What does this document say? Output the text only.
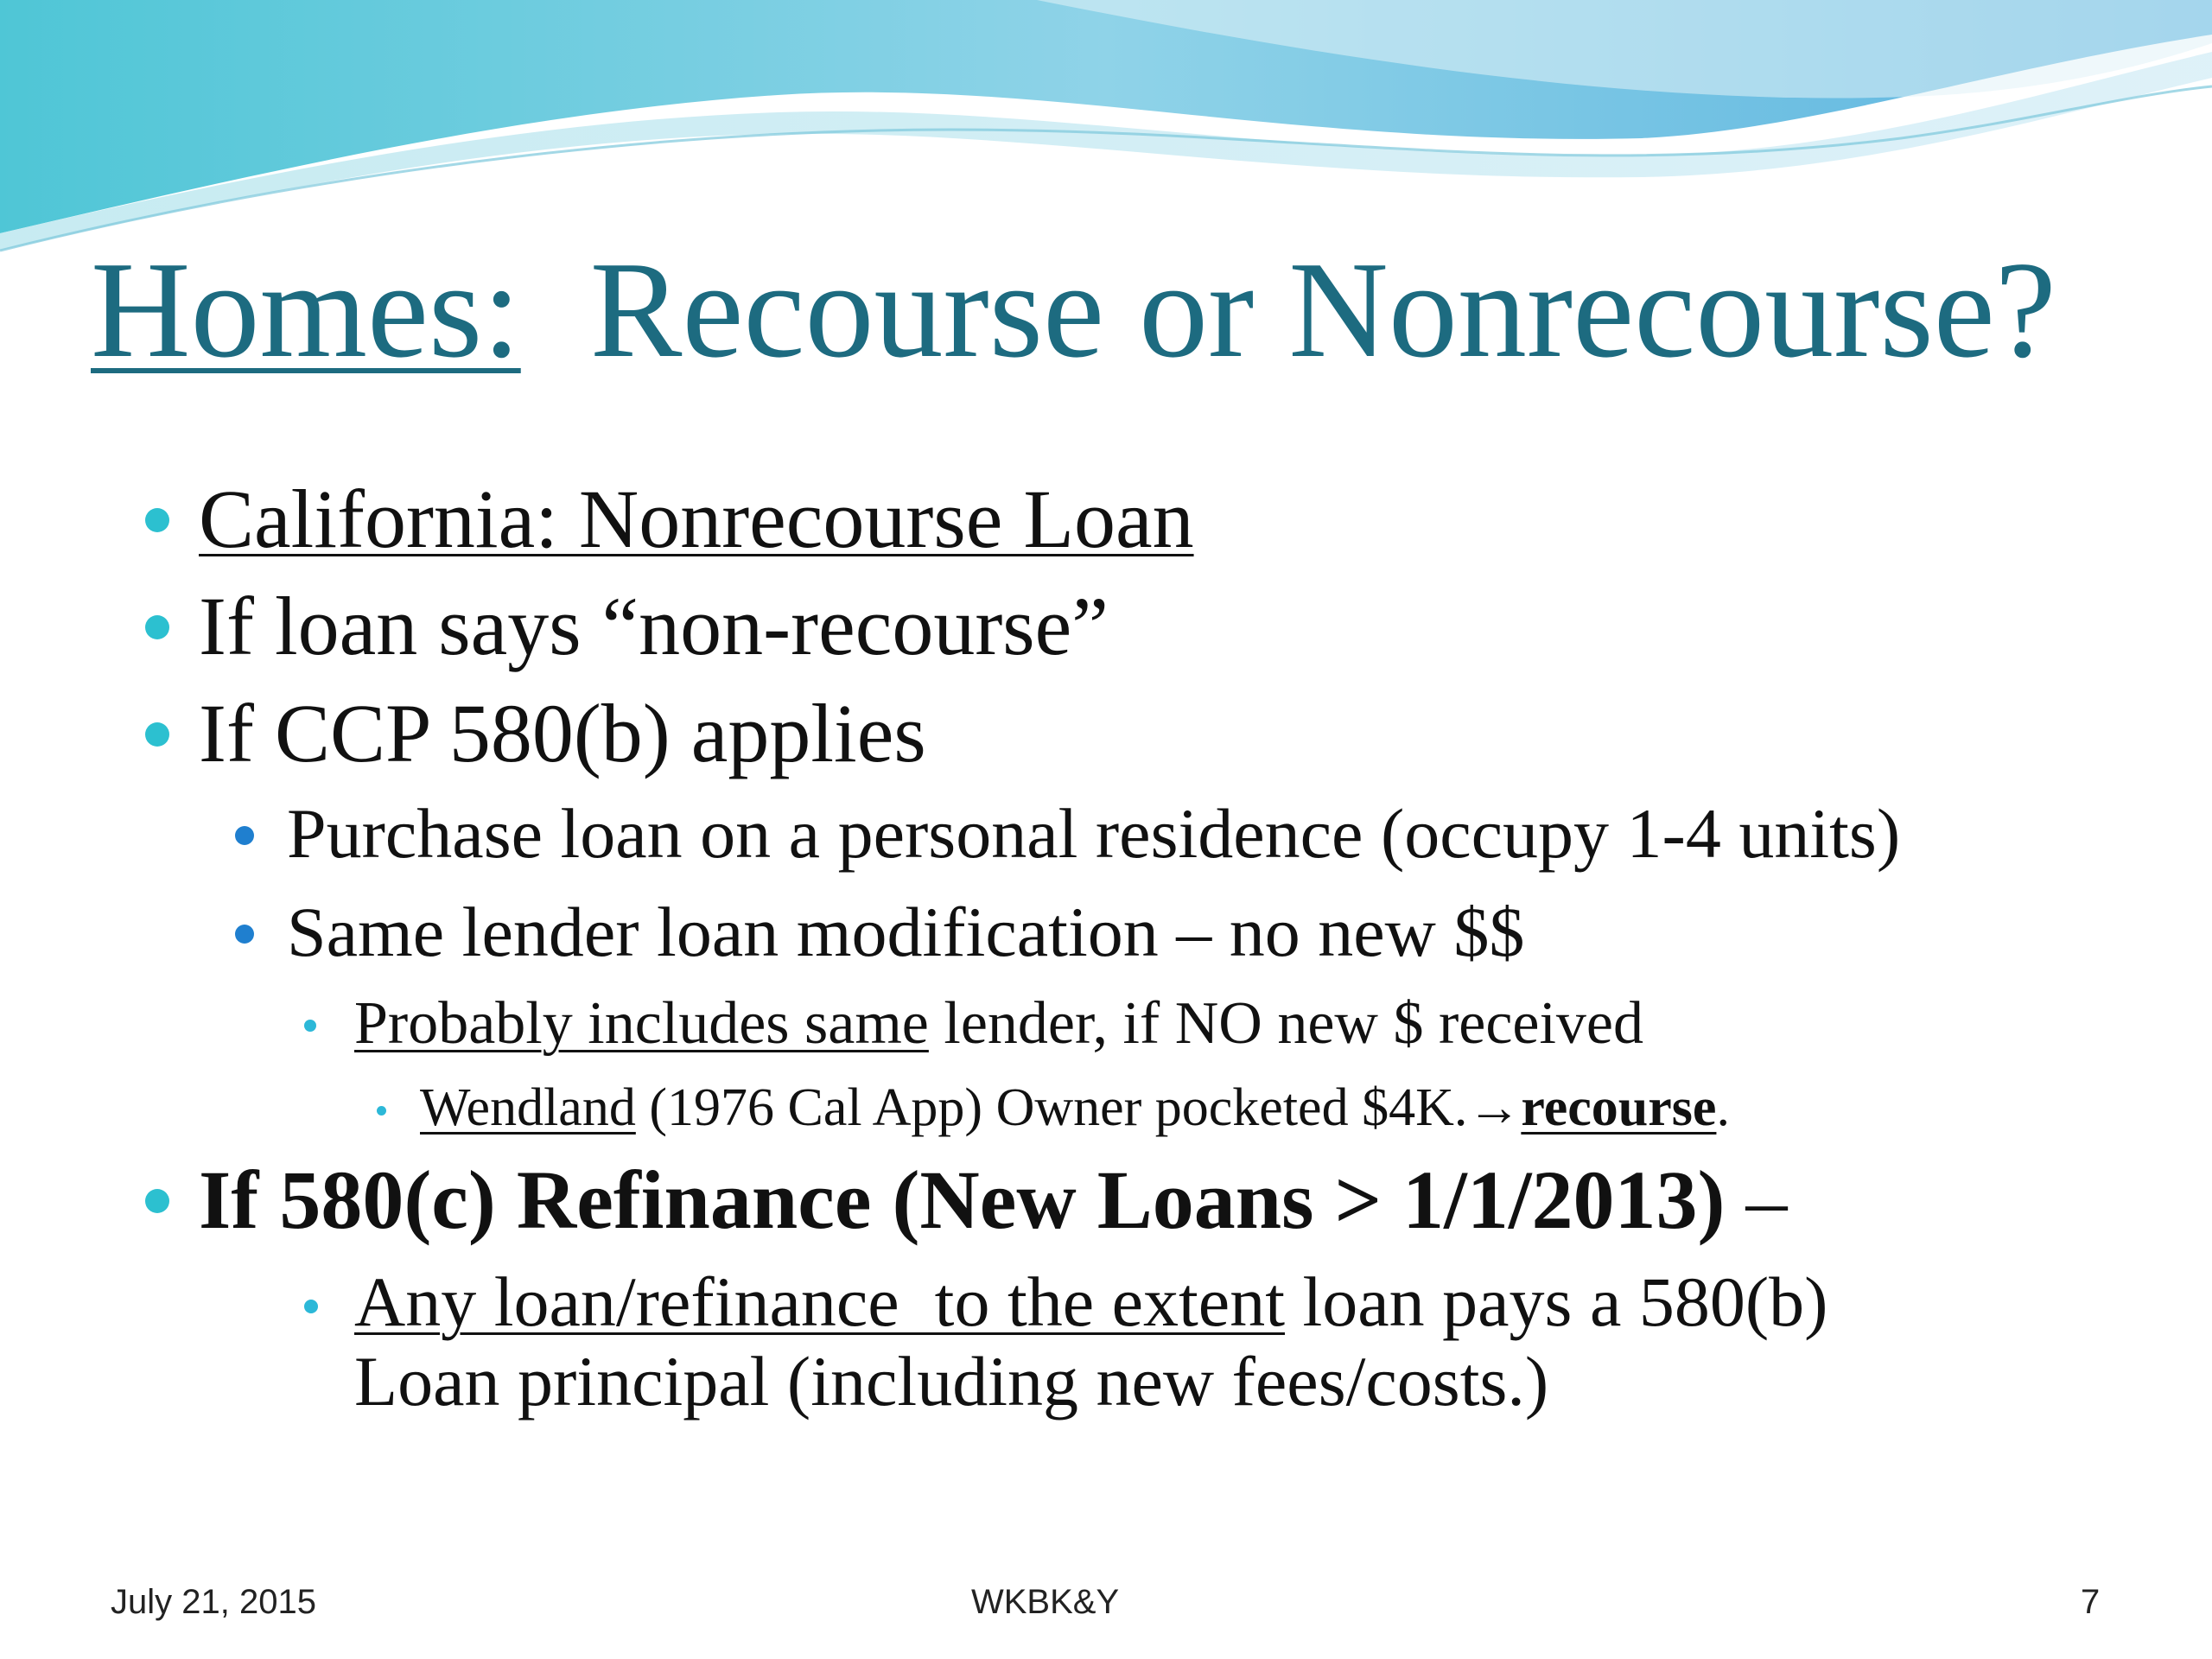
Homes:  Recourse or Nonrecourse?
California: Nonrecourse Loan
If loan says “non-recourse”
If CCP 580(b) applies
Purchase loan on a personal residence (occupy 1-4 units)
Same lender loan modification – no new $$
Probably includes same lender, if NO new $ received
Wendland (1976 Cal App) Owner pocketed $4K.→recourse.
If 580(c) Refinance (New Loans > 1/1/2013) –
Any loan/refinance  to the extent loan pays a 580(b)
Loan principal (including new fees/costs.)
July 21, 2015	WKBK&Y	7
